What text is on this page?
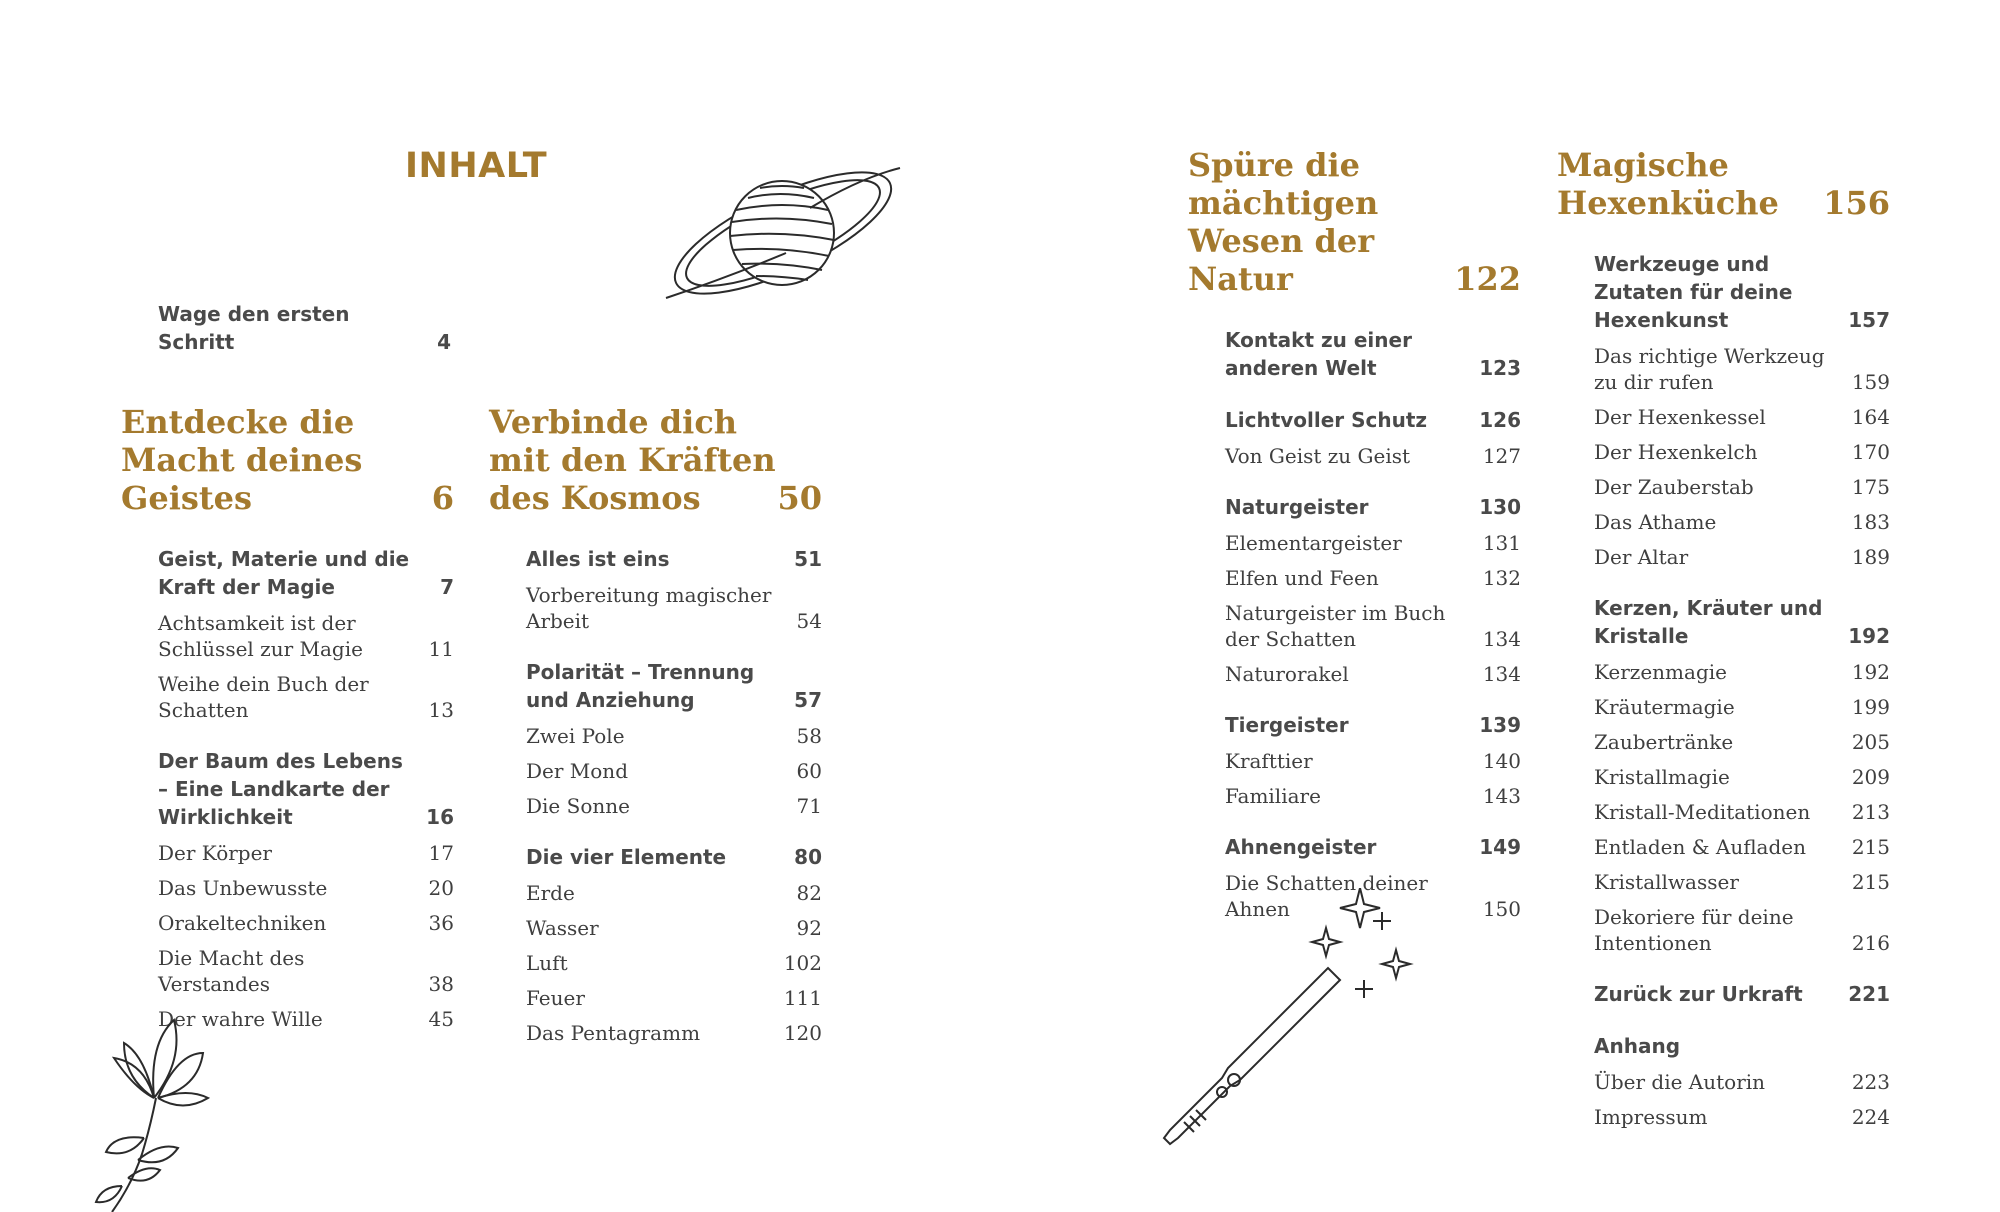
INHALT
Wage den ersten Schritt	4
Entdecke die Macht deines Geistes	6
Geist, Materie und die Kraft der Magie	7
Achtsamkeit ist der Schlüssel zur Magie	11
Weihe dein Buch der Schatten	13
Der Baum des Lebens – Eine Landkarte der Wirklichkeit	16
Der Körper	17
Das Unbewusste	20
Orakeltechniken	36
Die Macht des Verstandes	38
Der wahre Wille	45
Verbinde dich mit den Kräften des Kosmos	50
Alles ist eins	51
Vorbereitung magischer Arbeit	54
Polarität – Trennung und Anziehung	57
Zwei Pole	58
Der Mond	60
Die Sonne	71
Die vier Elemente	80
Erde	82
Wasser	92
Luft	102
Feuer	111
Das Pentagramm	120
Spüre die mächtigen Wesen der Natur	122
Kontakt zu einer anderen Welt	123
Lichtvoller Schutz	126
Von Geist zu Geist	127
Naturgeister	130
Elementargeister	131
Elfen und Feen	132
Naturgeister im Buch der Schatten	134
Naturorakel	134
Tiergeister	139
Krafttier	140
Familiare	143
Ahnengeister	149
Die Schatten deiner Ahnen	150
Magische Hexenküche	156
Werkzeuge und Zutaten für deine Hexenkunst	157
Das richtige Werkzeug zu dir rufen	159
Der Hexenkessel	164
Der Hexenkelch	170
Der Zauberstab	175
Das Athame	183
Der Altar	189
Kerzen, Kräuter und Kristalle	192
Kerzenmagie	192
Kräutermagie	199
Zaubertränke	205
Kristallmagie	209
Kristall-Meditationen	213
Entladen & Aufladen	215
Kristallwasser	215
Dekoriere für deine Intentionen	216
Zurück zur Urkraft	221
Anhang
Über die Autorin	223
Impressum	224
